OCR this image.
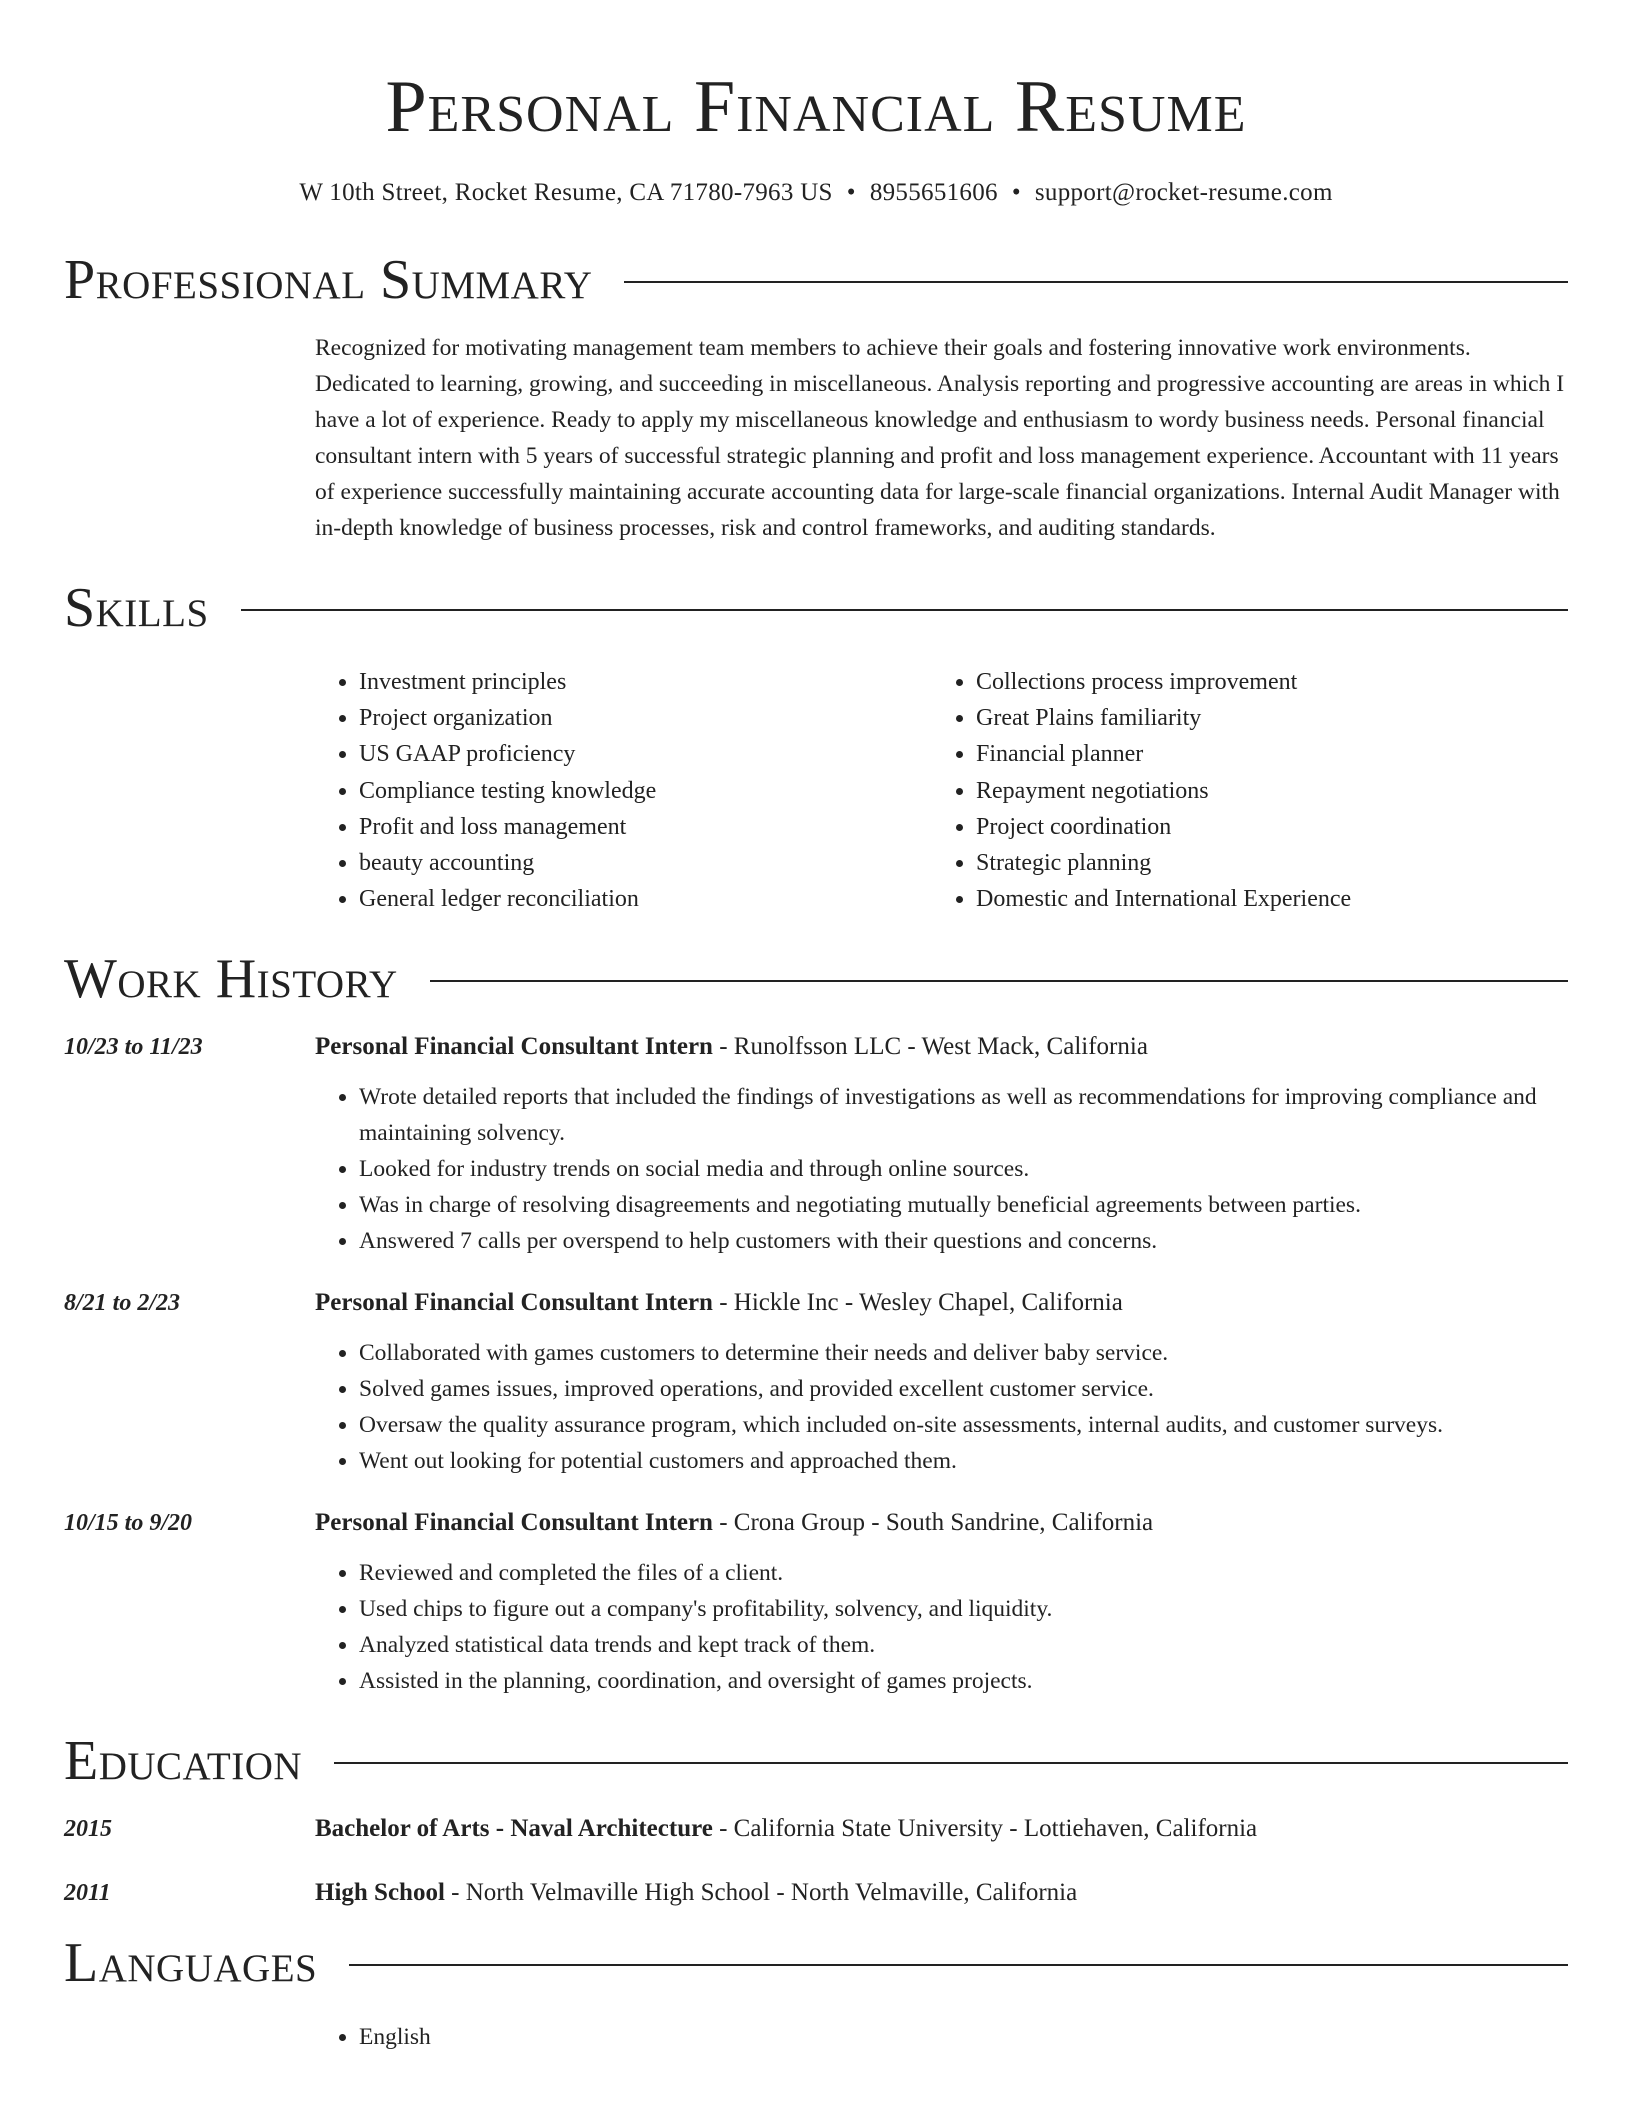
Personal Financial Resume
W 10th Street, Rocket Resume, CA 71780-7963 US • 8955651606 • support@rocket-resume.com
Professional Summary
Recognized for motivating management team members to achieve their goals and fostering innovative work environments. Dedicated to learning, growing, and succeeding in miscellaneous. Analysis reporting and progressive accounting are areas in which I have a lot of experience. Ready to apply my miscellaneous knowledge and enthusiasm to wordy business needs. Personal financial consultant intern with 5 years of successful strategic planning and profit and loss management experience. Accountant with 11 years of experience successfully maintaining accurate accounting data for large-scale financial organizations. Internal Audit Manager with in-depth knowledge of business processes, risk and control frameworks, and auditing standards.
Skills
• Investment principles
• Project organization
• US GAAP proficiency
• Compliance testing knowledge
• Profit and loss management
• beauty accounting
• General ledger reconciliation
• Collections process improvement
• Great Plains familiarity
• Financial planner
• Repayment negotiations
• Project coordination
• Strategic planning
• Domestic and International Experience
Work History
10/23 to 11/23	Personal Financial Consultant Intern - Runolfsson LLC - West Mack, California
• Wrote detailed reports that included the findings of investigations as well as recommendations for improving compliance and maintaining solvency.
• Looked for industry trends on social media and through online sources.
• Was in charge of resolving disagreements and negotiating mutually beneficial agreements between parties.
• Answered 7 calls per overspend to help customers with their questions and concerns.
8/21 to 2/23	Personal Financial Consultant Intern - Hickle Inc - Wesley Chapel, California
• Collaborated with games customers to determine their needs and deliver baby service.
• Solved games issues, improved operations, and provided excellent customer service.
• Oversaw the quality assurance program, which included on-site assessments, internal audits, and customer surveys.
• Went out looking for potential customers and approached them.
10/15 to 9/20	Personal Financial Consultant Intern - Crona Group - South Sandrine, California
• Reviewed and completed the files of a client.
• Used chips to figure out a company's profitability, solvency, and liquidity.
• Analyzed statistical data trends and kept track of them.
• Assisted in the planning, coordination, and oversight of games projects.
Education
2015	Bachelor of Arts - Naval Architecture - California State University - Lottiehaven, California
2011	High School - North Velmaville High School - North Velmaville, California
Languages
• English
